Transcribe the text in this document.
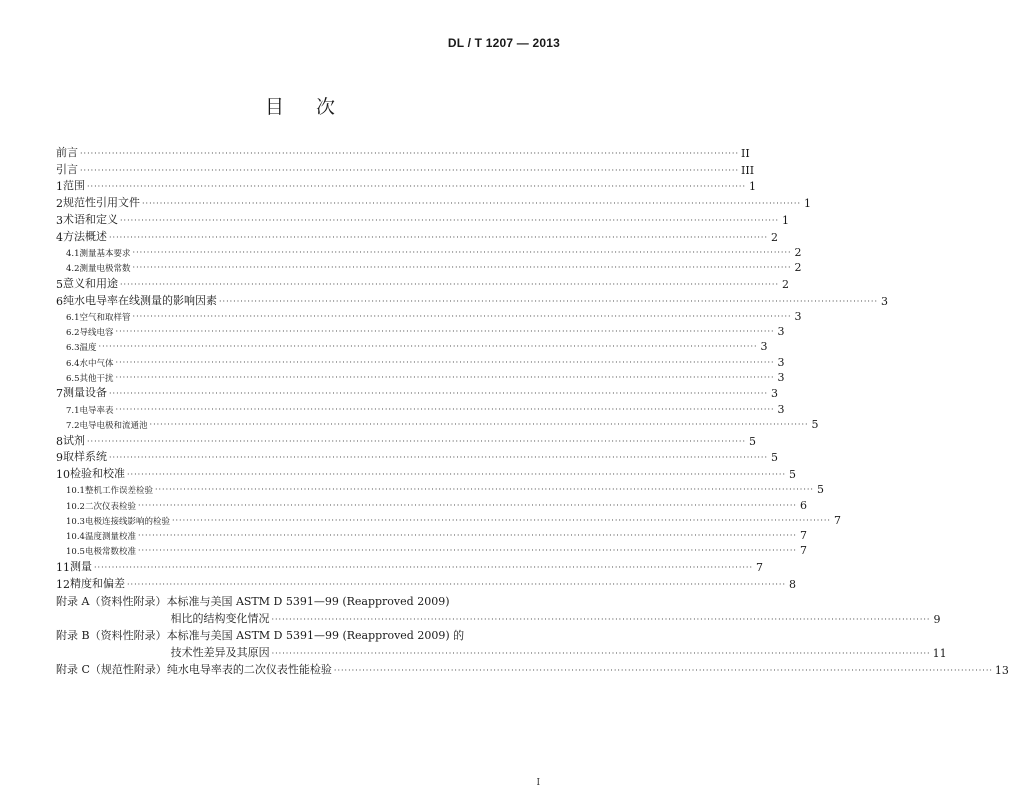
DL / T 1207 — 2013
目次
前言 ·····	II
引言 ·····	III
1 范围 ·····	1
2 规范性引用文件 ·····	1
3 术语和定义 ·····	1
4 方法概述 ·····	2
4.1 测量基本要求 ·····	2
4.2 测量电极常数 ·····	2
5 意义和用途 ·····	2
6 纯水电导率在线测量的影响因素 ·····	3
6.1 空气和取样管 ·····	3
6.2 导线电容 ·····	3
6.3 温度 ·····	3
6.4 水中气体 ·····	3
6.5 其他干扰 ·····	3
7 测量设备 ·····	3
7.1 电导率表 ·····	3
7.2 电导电极和流通池 ·····	5
8 试剂 ·····	5
9 取样系统 ·····	5
10 检验和校准 ·····	5
10.1 整机工作误差检验 ·····	5
10.2 二次仪表检验 ·····	6
10.3 电极连接线影响的检验 ·····	7
10.4 温度测量校准 ·····	7
10.5 电极常数校准 ·····	7
11 测量 ·····	7
12 精度和偏差 ·····	8
附录 A（资料性附录） 本标准与美国 ASTM D 5391—99 (Reapproved 2009)
相比的结构变化情况 ·····	9
附录 B（资料性附录） 本标准与美国 ASTM D 5391—99 (Reapproved 2009) 的
技术性差异及其原因 ·····	11
附录 C（规范性附录） 纯水电导率表的二次仪表性能检验 ·····	13
I
